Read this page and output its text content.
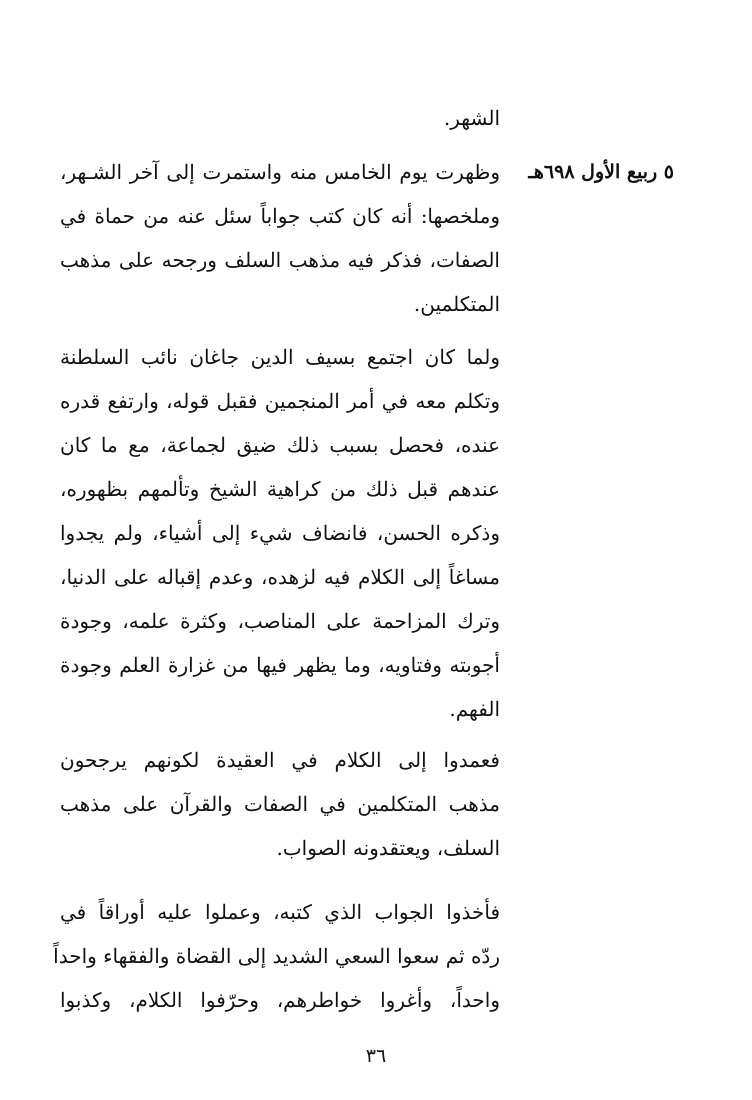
٥ ربيع الأول ٦٩٨هـ
الشهر.
وظهرت يوم الخامس منه واستمرت إلى آخر الشـهر،
وملخصها: أنه كان كتب جواباً سئل عنه من حماة في
الصفات، فذكر فيه مذهب السلف ورجحه على مذهب
المتكلمين.
ولما كان اجتمع بسيف الدين جاغان نائب السلطنة
وتكلم معه في أمر المنجمين فقبل قوله، وارتفع قدره
عنده، فحصل بسبب ذلك ضيق لجماعة، مع ما كان
عندهم قبل ذلك من كراهية الشيخ وتألمهم بظهوره،
وذكره الحسن، فانضاف شيء إلى أشياء، ولم يجدوا
مساغاً إلى الكلام فيه لزهده، وعدم إقباله على الدنيا،
وترك المزاحمة على المناصب، وكثرة علمه، وجودة
أجوبته وفتاويه، وما يظهر فيها من غزارة العلم وجودة
الفهم.
فعمدوا إلى الكلام في العقيدة لكونهم يرجحون
مذهب المتكلمين في الصفات والقرآن على مذهب
السلف، ويعتقدونه الصواب.
فأخذوا الجواب الذي كتبه، وعملوا عليه أوراقاً في
ردّه ثم سعوا السعي الشديد إلى القضاة والفقهاء واحداً
واحداً، وأغروا خواطرهم، وحرّفوا الكلام، وكذبوا
٣٦
